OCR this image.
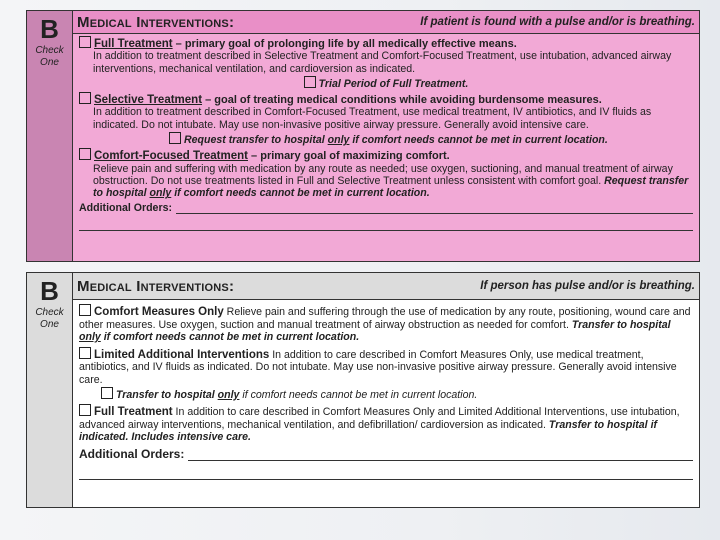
B
Check One
Medical Interventions:	If patient is found with a pulse and/or is breathing.
Full Treatment – primary goal of prolonging life by all medically effective means.
In addition to treatment described in Selective Treatment and Comfort-Focused Treatment, use intubation, advanced airway interventions, mechanical ventilation, and cardioversion as indicated.
Trial Period of Full Treatment.
Selective Treatment – goal of treating medical conditions while avoiding burdensome measures.
In addition to treatment described in Comfort-Focused Treatment, use medical treatment, IV antibiotics, and IV fluids as indicated. Do not intubate. May use non-invasive positive airway pressure. Generally avoid intensive care.
Request transfer to hospital only if comfort needs cannot be met in current location.
Comfort-Focused Treatment – primary goal of maximizing comfort.
Relieve pain and suffering with medication by any route as needed; use oxygen, suctioning, and manual treatment of airway obstruction. Do not use treatments listed in Full and Selective Treatment unless consistent with comfort goal. Request transfer to hospital only if comfort needs cannot be met in current location.
Additional Orders:
B
Check One
Medical Interventions:	If person has pulse and/or is breathing.
Comfort Measures Only Relieve pain and suffering through the use of medication by any route, positioning, wound care and other measures. Use oxygen, suction and manual treatment of airway obstruction as needed for comfort. Transfer to hospital only if comfort needs cannot be met in current location.
Limited Additional Interventions In addition to care described in Comfort Measures Only, use medical treatment, antibiotics, and IV fluids as indicated. Do not intubate. May use non-invasive positive airway pressure. Generally avoid intensive care.
Transfer to hospital only if comfort needs cannot be met in current location.
Full Treatment In addition to care described in Comfort Measures Only and Limited Additional Interventions, use intubation, advanced airway interventions, mechanical ventilation, and defibrillation/ cardioversion as indicated. Transfer to hospital if indicated. Includes intensive care.
Additional Orders:
